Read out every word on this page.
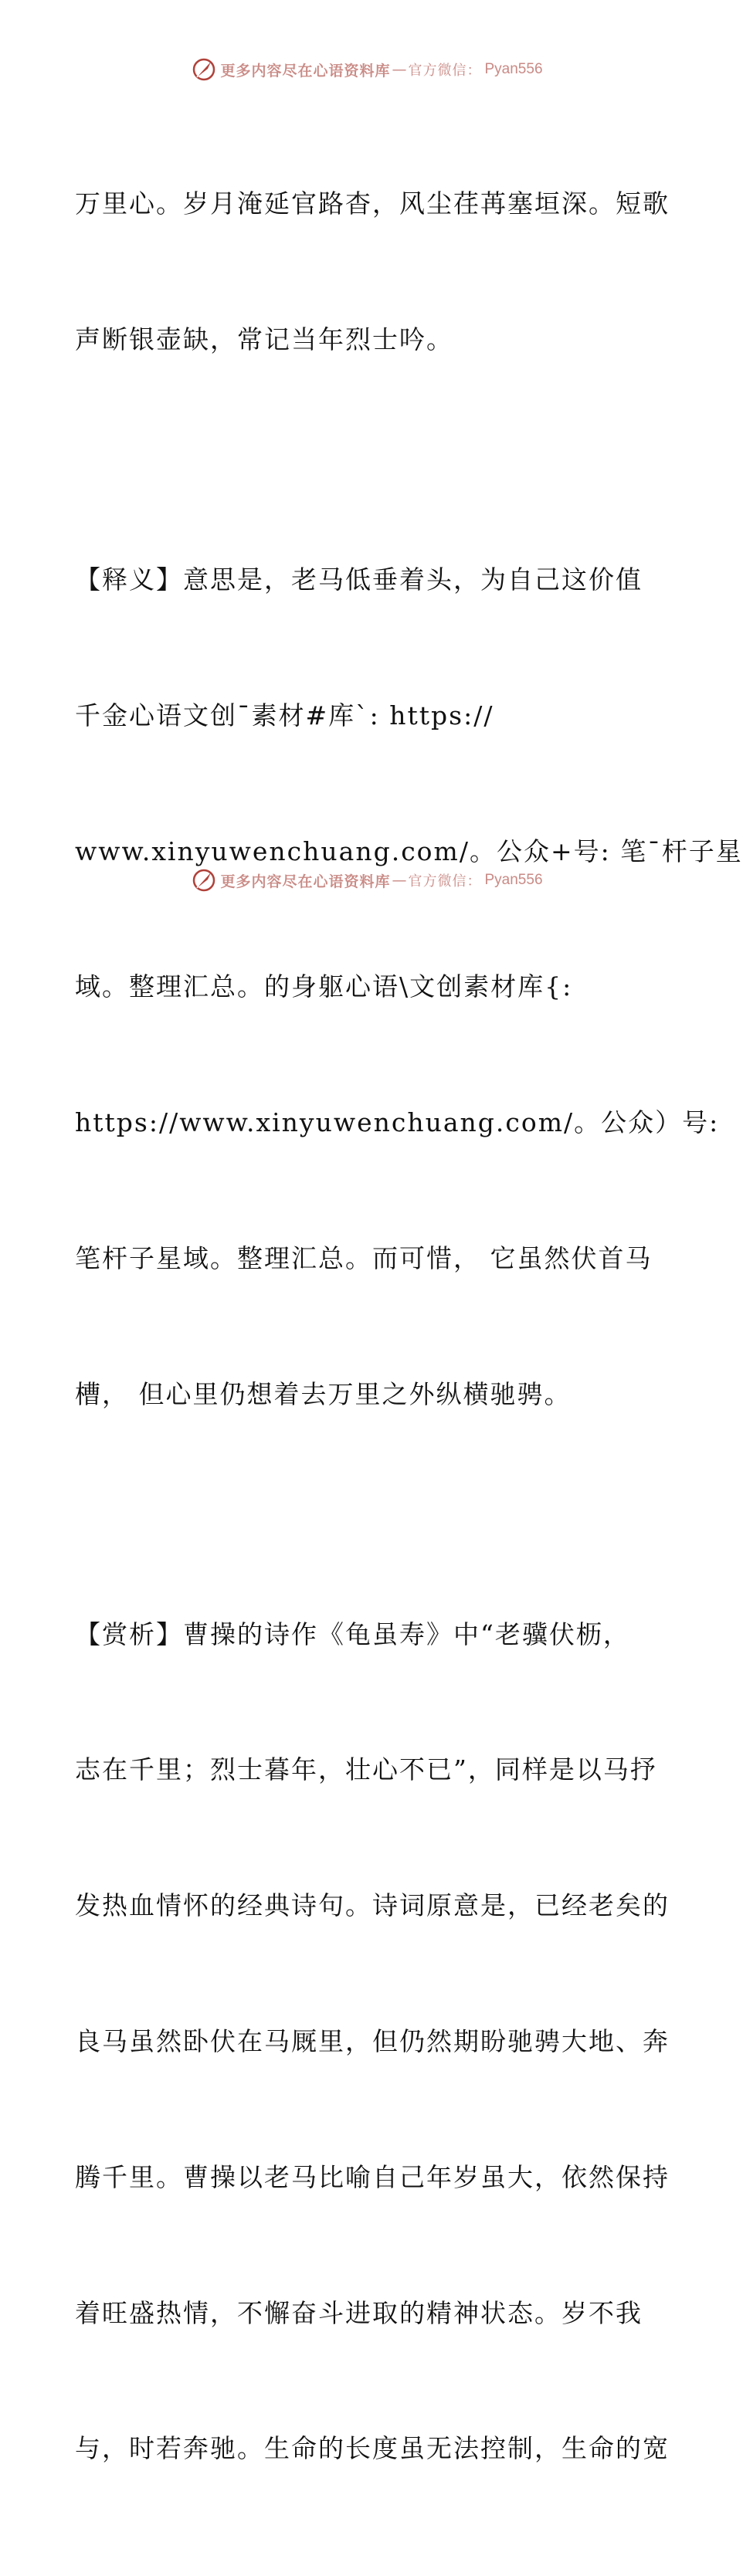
更多内容尽在心语资料库 — 官方微信： Pyan556

万里心。岁月淹延官路杳，风尘荏苒塞垣深。短歌

声断银壶缺，常记当年烈士吟。

【释义】意思是，老马低垂着头，为自己这价值

千金心语文创¯素材#库`: https://

www.xinyuwenchuang.com/。公众+号: 笔¯杆子星

域。整理汇总。的身躯心语\文创素材库{:

https://www.xinyuwenchuang.com/。公众）号:

笔杆子星域。整理汇总。而可惜， 它虽然伏首马

槽， 但心里仍想着去万里之外纵横驰骋。

【赏析】曹操的诗作《龟虽寿》中“老骥伏枥，

志在千里；烈士暮年，壮心不已”，同样是以马抒

发热血情怀的经典诗句。诗词原意是，已经老矣的

良马虽然卧伏在马厩里，但仍然期盼驰骋大地、奔

腾千里。曹操以老马比喻自己年岁虽大，依然保持

着旺盛热情，不懈奋斗进取的精神状态。岁不我

与，时若奔驰。生命的长度虽无法控制，生命的宽

更多内容尽在心语资料库 — 官方微信： Pyan556
